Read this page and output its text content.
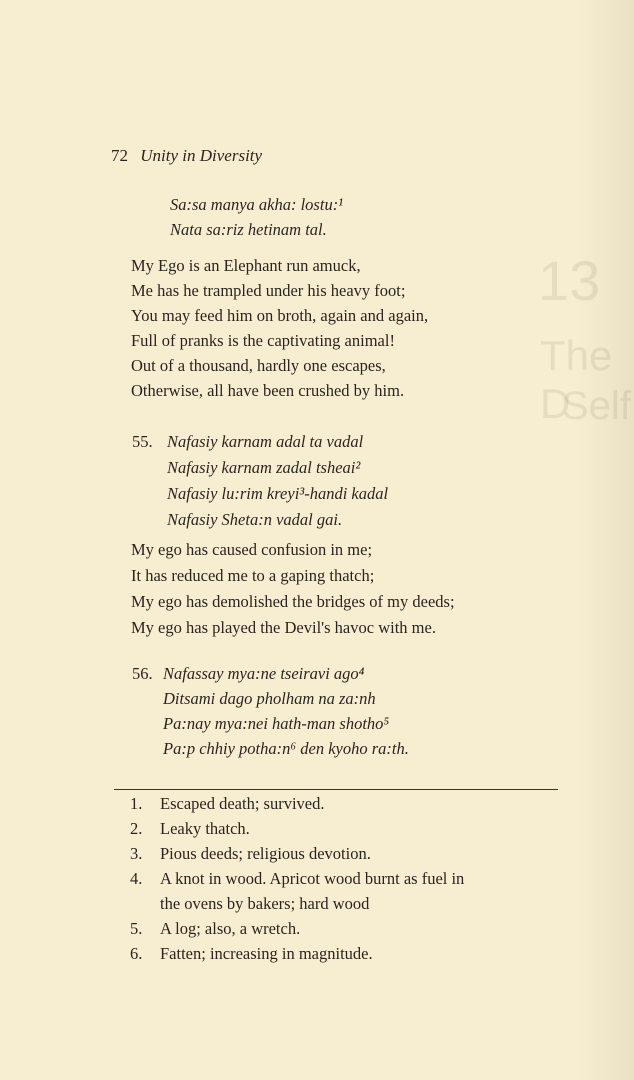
13
D
72 Unity in Diversity
Sa:sa manya akha: lostu:¹
Nata sa:riz hetinam tal.
My Ego is an Elephant run amuck,
Me has he trampled under his heavy foot;
You may feed him on broth, again and again,
Full of pranks is the captivating animal!
Out of a thousand, hardly one escapes,
Otherwise, all have been crushed by him.
55. Nafasiy karnam adal ta vadal
Nafasiy karnam zadal tsheai²
Nafasiy lu:rim kreyi³-handi kadal
Nafasiy Sheta:n vadal gai.
My ego has caused confusion in me;
It has reduced me to a gaping thatch;
My ego has demolished the bridges of my deeds;
My ego has played the Devil's havoc with me.
56. Nafassay mya:ne tseiravi ago⁴
Ditsami dago pholham na za:nh
Pa:nay mya:nei hath-man shotho⁵
Pa:p chhiy potha:n⁶ den kyoho ra:th.
1. Escaped death; survived.
2. Leaky thatch.
3. Pious deeds; religious devotion.
4. A knot in wood. Apricot wood burnt as fuel in
the ovens by bakers; hard wood
5. A log; also, a wretch.
6. Fatten; increasing in magnitude.
